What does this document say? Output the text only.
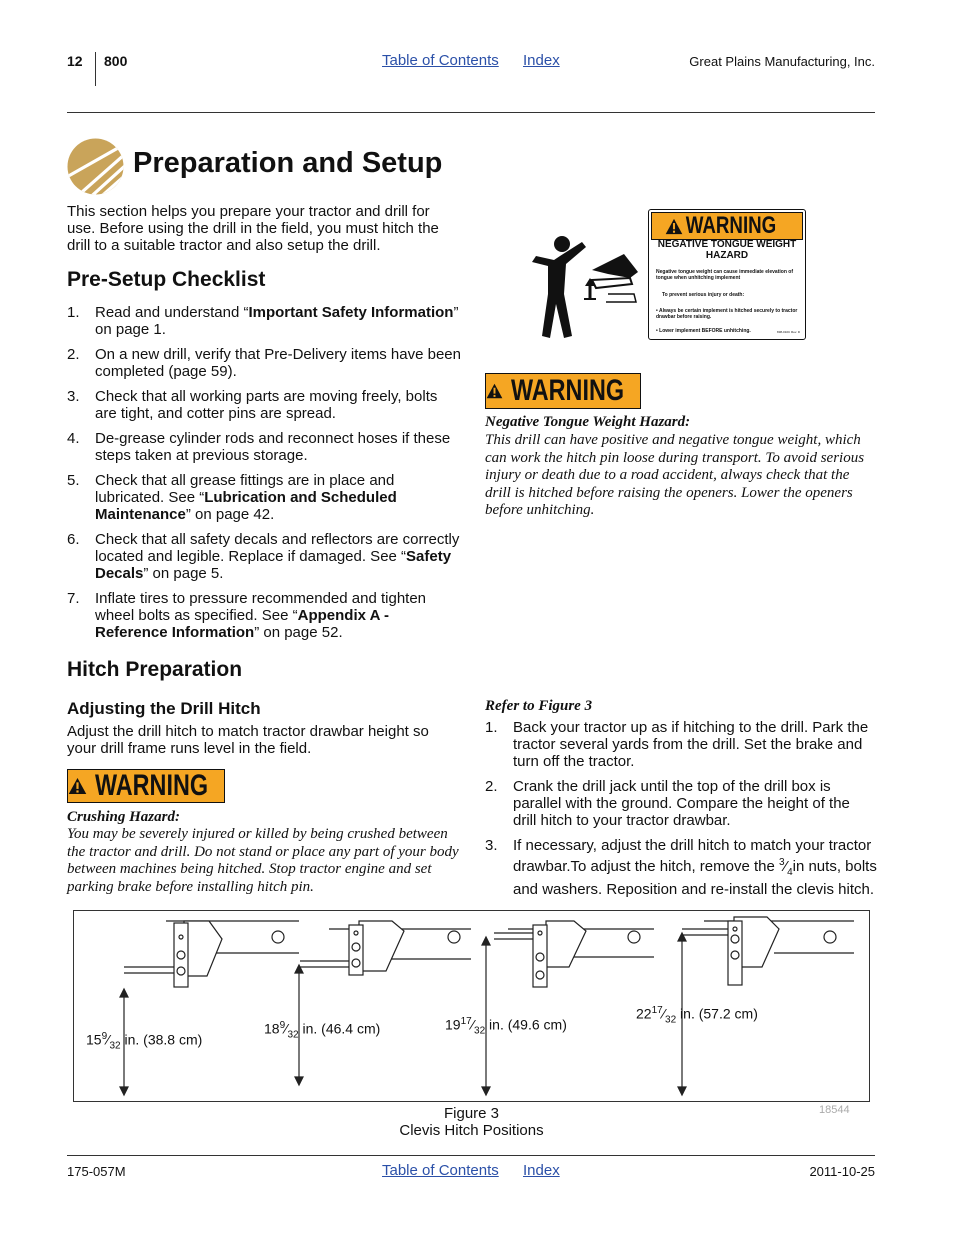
12 800	Table of Contents Index	Great Plains Manufacturing, Inc.
Preparation and Setup
This section helps you prepare your tractor and drill for use. Before using the drill in the field, you must hitch the drill to a suitable tractor and also setup the drill.
Pre-Setup Checklist
1. Read and understand “Important Safety Information” on page 1.
2. On a new drill, verify that Pre-Delivery items have been completed (page 59).
3. Check that all working parts are moving freely, bolts are tight, and cotter pins are spread.
4. De-grease cylinder rods and reconnect hoses if these steps taken at previous storage.
5. Check that all grease fittings are in place and lubricated. See “Lubrication and Scheduled Maintenance” on page 42.
6. Check that all safety decals and reflectors are correctly located and legible. Replace if damaged. See “Safety Decals” on page 5.
7. Inflate tires to pressure recommended and tighten wheel bolts as specified. See “Appendix A - Reference Information” on page 52.
Hitch Preparation
Adjusting the Drill Hitch
Adjust the drill hitch to match tractor drawbar height so your drill frame runs level in the field.
WARNING
Crushing Hazard:
You may be severely injured or killed by being crushed between the tractor and drill. Do not stand or place any part of your body between machines being hitched. Stop tractor engine and set parking brake before installing hitch pin.
WARNING
NEGATIVE TONGUE WEIGHT HAZARD
Negative tongue weight can cause immediate elevation of tongue when unhitching implement
To prevent serious injury or death:
• Always be certain implement is hitched securely to tractor drawbar before raising.
• Lower implement BEFORE unhitching.	838-010C Rev. D
WARNING
Negative Tongue Weight Hazard:
This drill can have positive and negative tongue weight, which can work the hitch pin loose during transport. To avoid serious injury or death due to a road accident, always check that the drill is hitched before raising the openers. Lower the openers before unhitching.
Refer to Figure 3
1. Back your tractor up as if hitching to the drill. Park the tractor several yards from the drill. Set the brake and turn off the tractor.
2. Crank the drill jack until the top of the drill box is parallel with the ground. Compare the height of the drill hitch to your tractor drawbar.
3. If necessary, adjust the drill hitch to match your tractor drawbar.To adjust the hitch, remove the $^3⁄_4in$ nuts, bolts and washers. Reposition and re-install the clevis hitch.
$15^9⁄_{32}$ in. (38.8 cm)
$18^9⁄_{32}$ in. (46.4 cm)	$19^{17}⁄_{32}$ in. (49.6 cm)
$22^{17}⁄_{32}$ in. (57.2 cm)
18544
Figure 3
Clevis Hitch Positions
175-057M	Table of Contents Index	2011-10-25
